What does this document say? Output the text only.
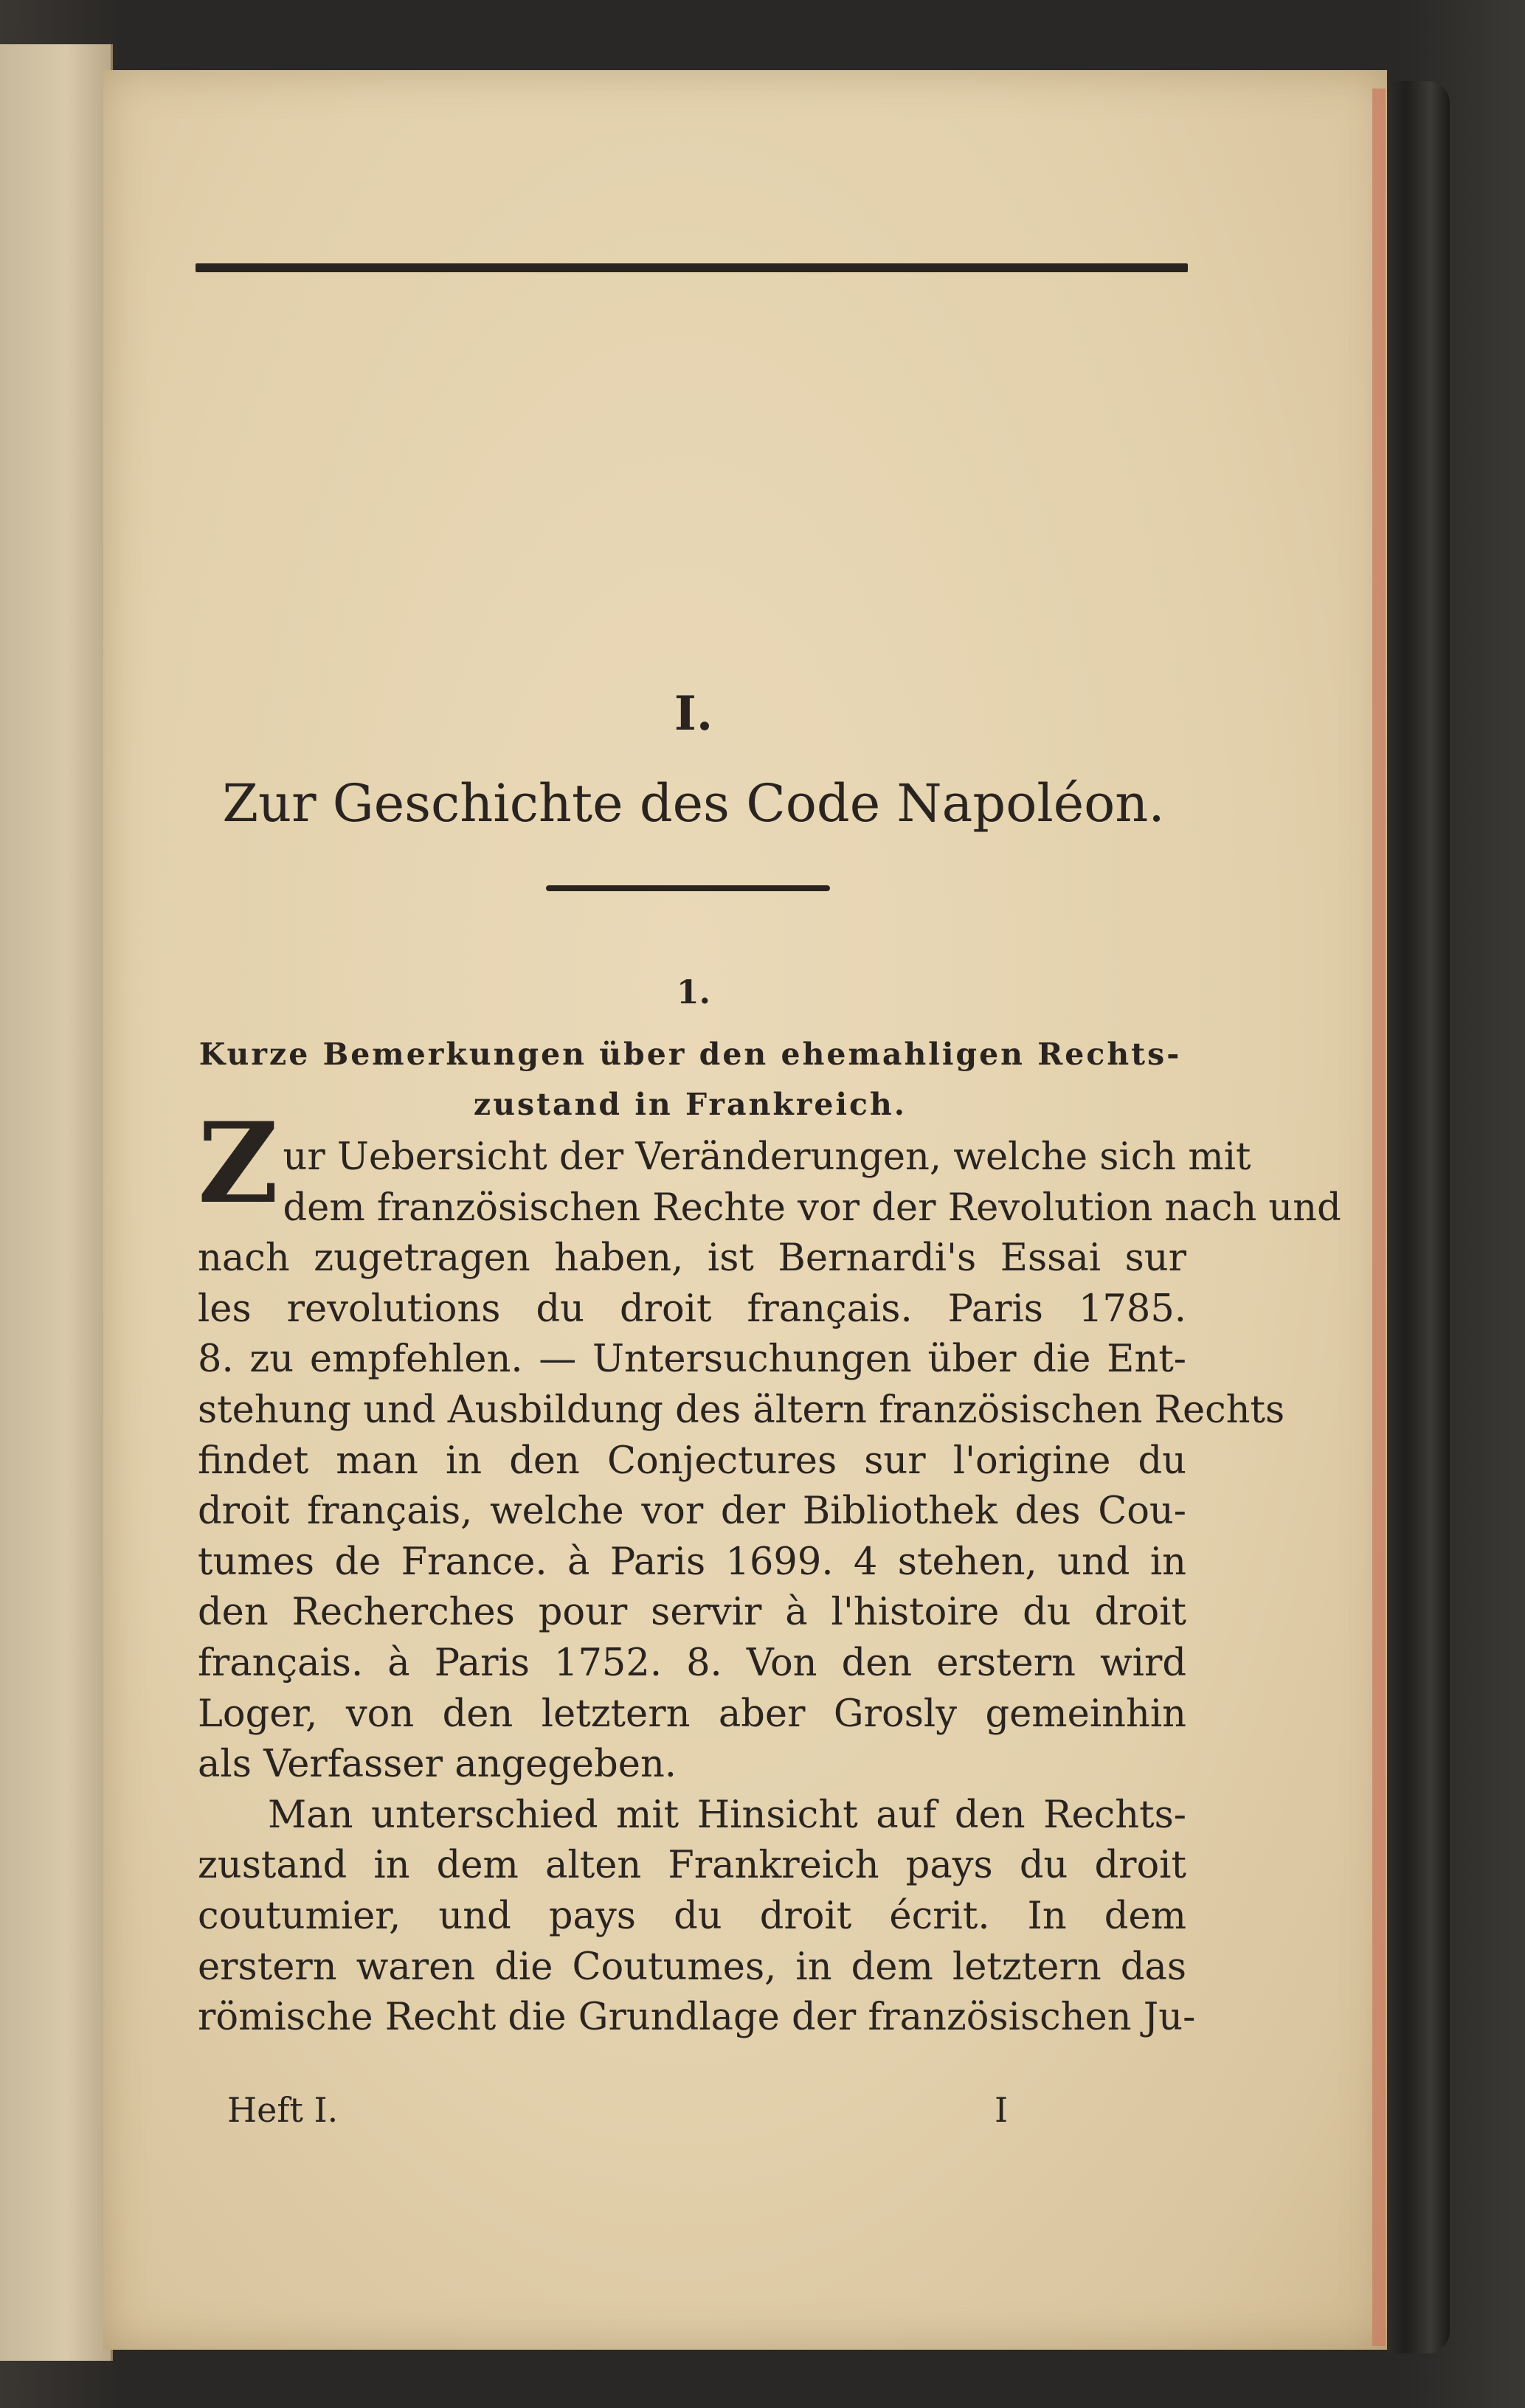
I.
Zur Geschichte des Code Napoléon.
1.
Kurze Bemerkungen über den ehemahligen Rechts-
zustand in Frankreich.
Z ur Uebersicht der Veränderungen, welche sich mit
dem französischen Rechte vor der Revolution nach und
nach zugetragen haben, ist Bernardi's Essai sur
les revolutions du droit français. Paris 1785.
8. zu empfehlen. — Untersuchungen über die Ent-
stehung und Ausbildung des ältern französischen Rechts
findet man in den Conjectures sur l'origine du
droit français, welche vor der Bibliothek des Cou-
tumes de France. à Paris 1699. 4 stehen, und in
den Recherches pour servir à l'histoire du droit
français. à Paris 1752. 8. Von den erstern wird
Loger, von den letztern aber Grosly gemeinhin
als Verfasser angegeben.
Man unterschied mit Hinsicht auf den Rechts-
zustand in dem alten Frankreich pays du droit
coutumier, und pays du droit écrit. In dem
erstern waren die Coutumes, in dem letztern das
römische Recht die Grundlage der französischen Ju-
Heft I.	I
